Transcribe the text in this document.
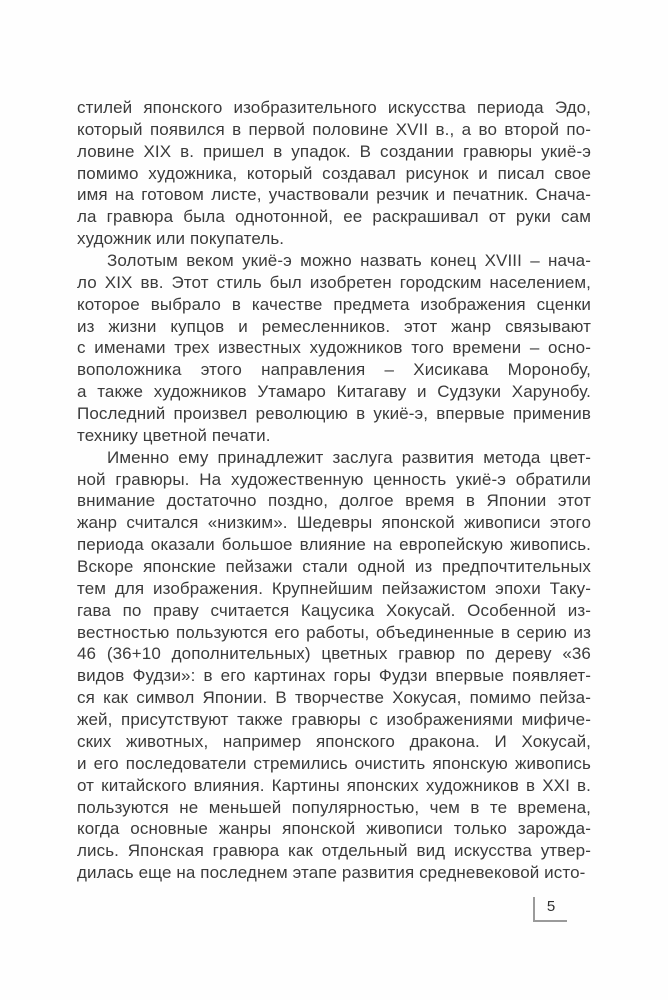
стилей японского изобразительного искусства периода Эдо,
который появился в первой половине XVII в., а во второй по-
ловине XIX в. пришел в упадок. В создании гравюры укиё-э
помимо художника, который создавал рисунок и писал свое
имя на готовом листе, участвовали резчик и печатник. Снача-
ла гравюра была однотонной, ее раскрашивал от руки сам
художник или покупатель.
Золотым веком укиё-э можно назвать конец XVIII – нача-
ло XIX вв. Этот стиль был изобретен городским населением,
которое выбрало в качестве предмета изображения сценки
из жизни купцов и ремесленников. этот жанр связывают
с именами трех известных художников того времени – осно-
воположника этого направления – Хисикава Моронобу,
а также художников Утамаро Китагаву и Судзуки Харунобу.
Последний произвел революцию в укиё-э, впервые применив
технику цветной печати.
Именно ему принадлежит заслуга развития метода цвет-
ной гравюры. На художественную ценность укиё-э обратили
внимание достаточно поздно, долгое время в Японии этот
жанр считался «низким». Шедевры японской живописи этого
периода оказали большое влияние на европейскую живопись.
Вскоре японские пейзажи стали одной из предпочтительных
тем для изображения. Крупнейшим пейзажистом эпохи Таку-
гава по праву считается Кацусика Хокусай. Особенной из-
вестностью пользуются его работы, объединенные в серию из
46 (36+10 дополнительных) цветных гравюр по дереву «36
видов Фудзи»: в его картинах горы Фудзи впервые появляет-
ся как символ Японии. В творчестве Хокусая, помимо пейза-
жей, присутствуют также гравюры с изображениями мифиче-
ских животных, например японского дракона. И Хокусай,
и его последователи стремились очистить японскую живопись
от китайского влияния. Картины японских художников в XXI в.
пользуются не меньшей популярностью, чем в те времена,
когда основные жанры японской живописи только зарожда-
лись. Японская гравюра как отдельный вид искусства утвер-
дилась еще на последнем этапе развития средневековой исто-
5
